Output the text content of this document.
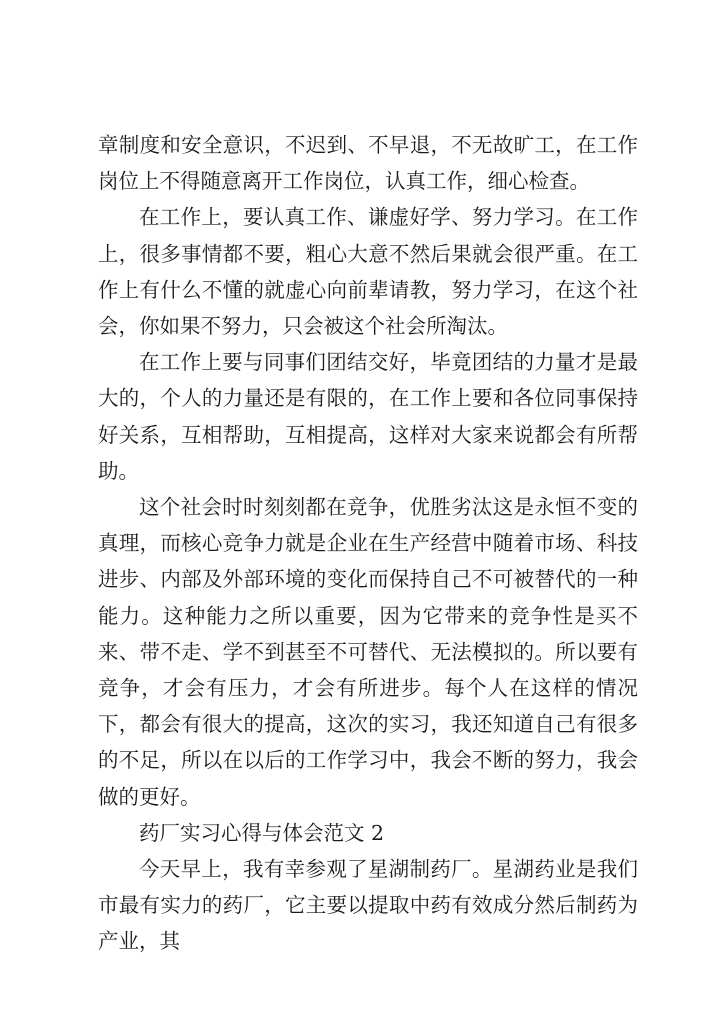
章制度和安全意识，不迟到、不早退，不无故旷工，在工作岗位上不得随意离开工作岗位，认真工作，细心检查。

在工作上，要认真工作、谦虚好学、努力学习。在工作上，很多事情都不要，粗心大意不然后果就会很严重。在工作上有什么不懂的就虚心向前辈请教，努力学习，在这个社会，你如果不努力，只会被这个社会所淘汰。

在工作上要与同事们团结交好，毕竟团结的力量才是最大的，个人的力量还是有限的，在工作上要和各位同事保持好关系，互相帮助，互相提高，这样对大家来说都会有所帮助。

这个社会时时刻刻都在竞争，优胜劣汰这是永恒不变的真理，而核心竞争力就是企业在生产经营中随着市场、科技进步、内部及外部环境的变化而保持自己不可被替代的一种能力。这种能力之所以重要，因为它带来的竞争性是买不来、带不走、学不到甚至不可替代、无法模拟的。所以要有竞争，才会有压力，才会有所进步。每个人在这样的情况下，都会有很大的提高，这次的实习，我还知道自己有很多的不足，所以在以后的工作学习中，我会不断的努力，我会做的更好。

药厂实习心得与体会范文 2

今天早上，我有幸参观了星湖制药厂。星湖药业是我们市最有实力的药厂，它主要以提取中药有效成分然后制药为产业，其
